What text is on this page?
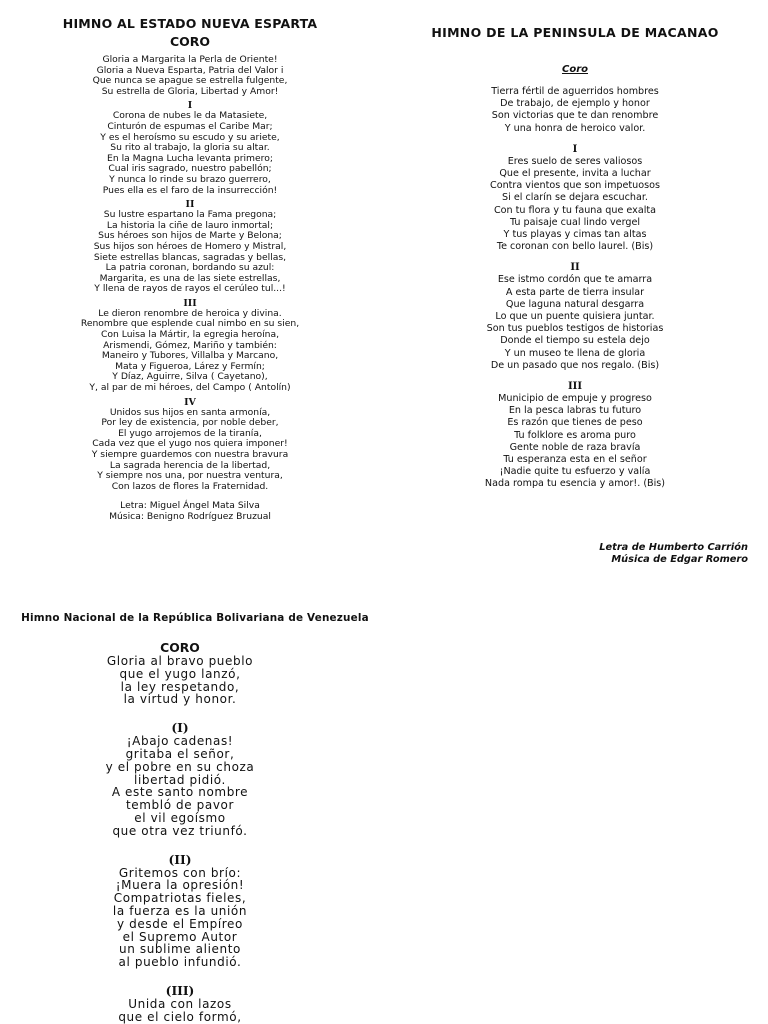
HIMNO AL ESTADO NUEVA ESPARTA
CORO
Gloria a Margarita la Perla de Oriente!
Gloria a Nueva Esparta, Patria del Valor i
Que nunca se apague se estrella fulgente,
Su estrella de Gloria, Libertad y Amor!
I
Corona de nubes le da Matasiete,
Cinturón de espumas el Caribe Mar;
Y es el heroísmo su escudo y su ariete,
Su rito al trabajo, la gloria su altar.
En la Magna Lucha levanta primero;
Cual iris sagrado, nuestro pabellón;
Y nunca lo rinde su brazo guerrero,
Pues ella es el faro de la insurrección!
II
Su lustre espartano la Fama pregona;
La historia la ciñe de lauro inmortal;
Sus héroes son hijos de Marte y Belona;
Sus hijos son héroes de Homero y Mistral,
Siete estrellas blancas, sagradas y bellas,
La patria coronan, bordando su azul:
Margarita, es una de las siete estrellas,
Y llena de rayos de rayos el cerúleo tul...!
III
Le dieron renombre de heroica y divina.
Renombre que esplende cual nimbo en su sien,
Con Luisa la Mártir, la egregia heroína,
Arismendi, Gómez, Mariño y también:
Maneiro y Tubores, Villalba y Marcano,
Mata y Figueroa, Lárez y Fermín;
Y Díaz, Aguirre, Silva ( Cayetano),
Y, al par de mi héroes, del Campo ( Antolín)
IV
Unidos sus hijos en santa armonía,
Por ley de existencia, por noble deber,
El yugo arrojemos de la tiranía,
Cada vez que el yugo nos quiera imponer!
Y siempre guardemos con nuestra bravura
La sagrada herencia de la libertad,
Y siempre nos una, por nuestra ventura,
Con lazos de flores la Fraternidad.
Letra: Miguel Ángel Mata Silva
Música: Benigno Rodríguez Bruzual
HIMNO DE LA PENINSULA DE MACANAO
Coro
Tierra fértil de aguerridos hombres
De trabajo, de ejemplo y honor
Son victorias que te dan renombre
Y una honra de heroico valor.
I
Eres suelo de seres valiosos
Que el presente, invita a luchar
Contra vientos que son impetuosos
Si el clarín se dejara escuchar.
Con tu flora y tu fauna que exalta
Tu paisaje cual lindo vergel
Y tus playas y cimas tan altas
Te coronan con bello laurel. (Bis)
II
Ese istmo cordón que te amarra
A esta parte de tierra insular
Que laguna natural desgarra
Lo que un puente quisiera juntar.
Son tus pueblos testigos de historias
Donde el tiempo su estela dejo
Y un museo te llena de gloria
De un pasado que nos regalo. (Bis)
III
Municipio de empuje y progreso
En la pesca labras tu futuro
Es razón que tienes de peso
Tu folklore es aroma puro
Gente noble de raza bravía
Tu esperanza esta en el señor
¡Nadie quite tu esfuerzo y valía
Nada rompa tu esencia y amor!. (Bis)
Letra de Humberto Carrión
Música de Edgar Romero
Himno Nacional de la República Bolivariana de Venezuela
CORO
Gloria al bravo pueblo
que el yugo lanzó,
la ley respetando,
la virtud y honor.
(I)
¡Abajo cadenas!
gritaba el señor,
y el pobre en su choza
libertad pidió.
A este santo nombre
tembló de pavor
el vil egoísmo
que otra vez triunfó.
(II)
Gritemos con brío:
¡Muera la opresión!
Compatriotas fieles,
la fuerza es la unión
y desde el Empíreo
el Supremo Autor
un sublime aliento
al pueblo infundió.
(III)
Unida con lazos
que el cielo formó,
